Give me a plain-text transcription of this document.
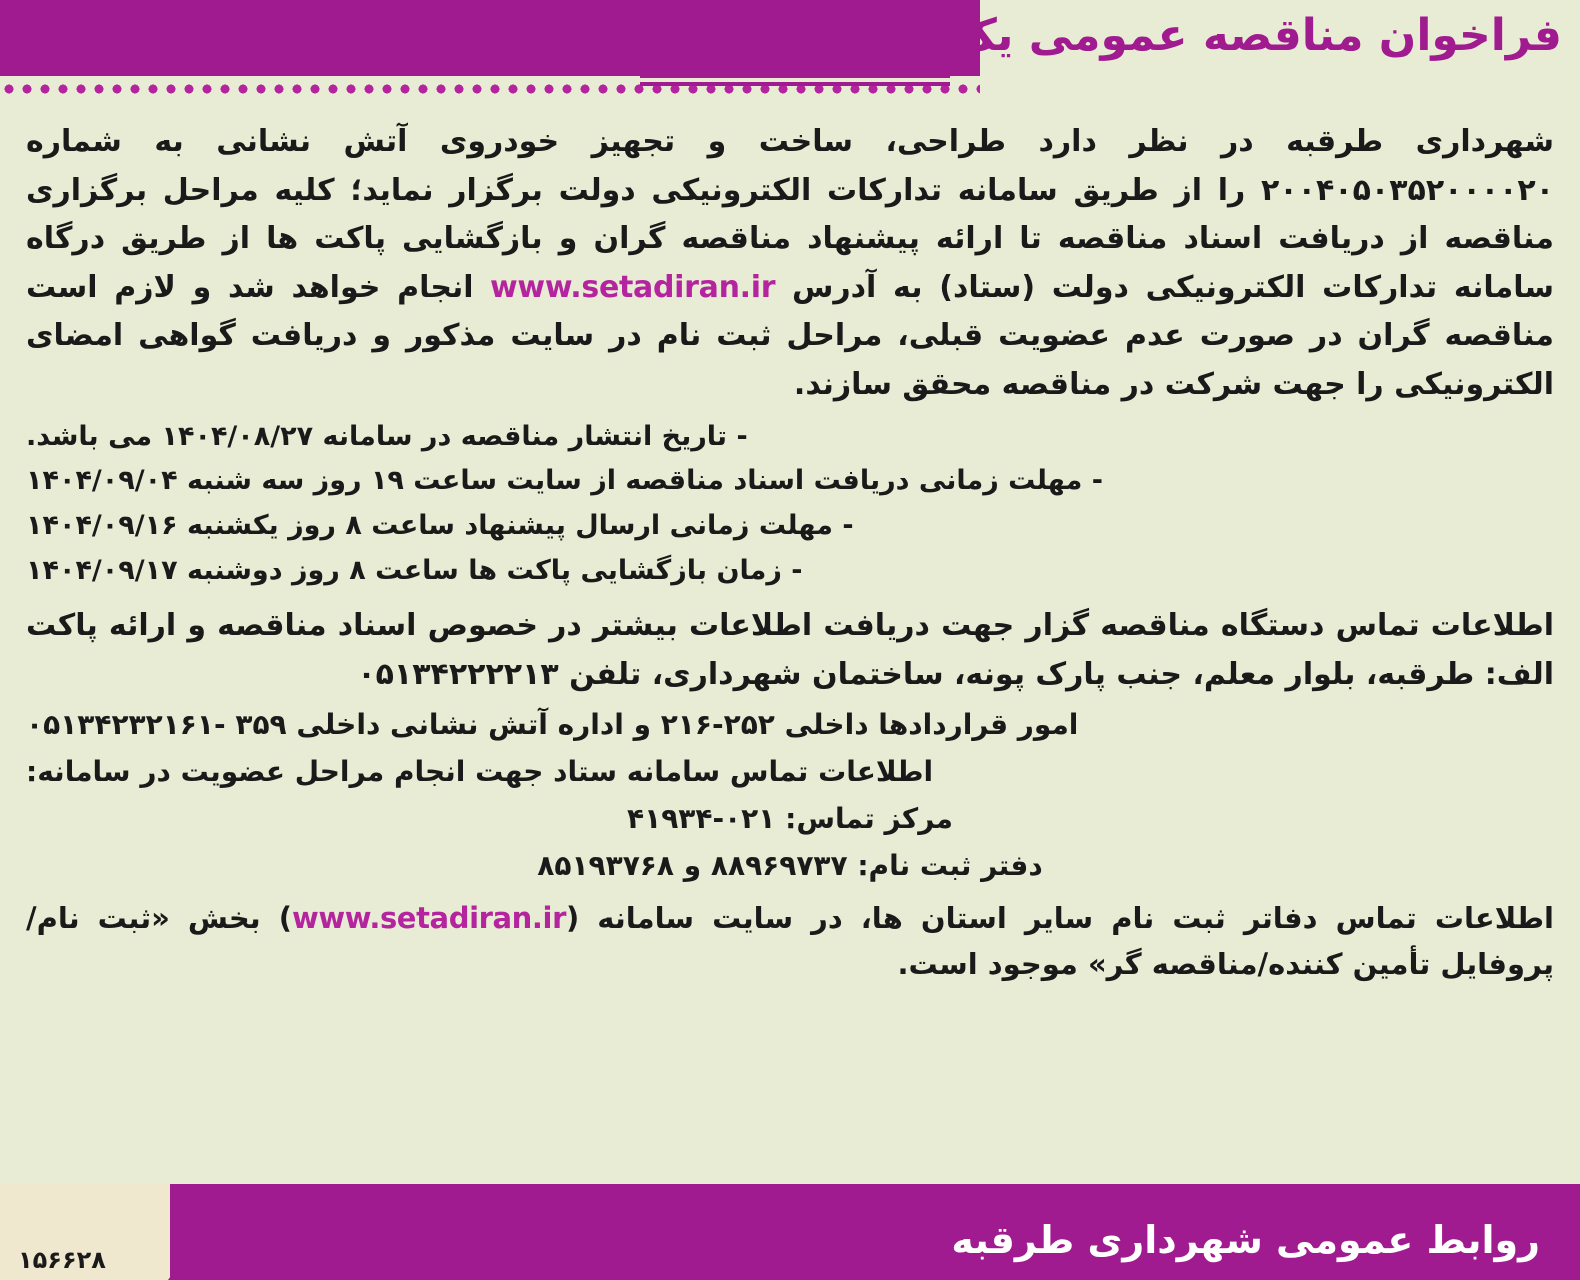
فراخوان مناقصه عمومی یک مرحله ای

شهرداری طرقبه در نظر دارد طراحی، ساخت و تجهیز خودروی آتش نشانی به شماره ۲۰۰۴۰۵۰۳۵۲۰۰۰۰۲۰ را از طریق سامانه تدارکات الکترونیکی دولت برگزار نماید؛ کلیه مراحل برگزاری مناقصه از دریافت اسناد مناقصه تا ارائه پیشنهاد مناقصه گران و بازگشایی پاکت ها از طریق درگاه سامانه تدارکات الکترونیکی دولت (ستاد) به آدرس www.setadiran.ir انجام خواهد شد و لازم است مناقصه گران در صورت عدم عضویت قبلی، مراحل ثبت نام در سایت مذکور و دریافت گواهی امضای الکترونیکی را جهت شرکت در مناقصه محقق سازند.

- تاریخ انتشار مناقصه در سامانه ۱۴۰۴/۰۸/۲۷ می باشد.

- مهلت زمانی دریافت اسناد مناقصه از سایت ساعت ۱۹ روز سه شنبه ۱۴۰۴/۰۹/۰۴

- مهلت زمانی ارسال پیشنهاد ساعت ۸ روز یکشنبه ۱۴۰۴/۰۹/۱۶

- زمان بازگشایی پاکت ها ساعت ۸ روز دوشنبه ۱۴۰۴/۰۹/۱۷

اطلاعات تماس دستگاه مناقصه گزار جهت دریافت اطلاعات بیشتر در خصوص اسناد مناقصه و ارائه پاکت الف: طرقبه، بلوار معلم، جنب پارک پونه، ساختمان شهرداری، تلفن ۰۵۱۳۴۲۲۲۲۱۳

امور قراردادها داخلی ۲۵۲-۲۱۶ و اداره آتش نشانی داخلی ۳۵۹ -۰۵۱۳۴۲۳۲۱۶۱

اطلاعات تماس سامانه ستاد جهت انجام مراحل عضویت در سامانه:

مرکز تماس: ۰۲۱-۴۱۹۳۴

دفتر ثبت نام: ۸۸۹۶۹۷۳۷ و ۸۵۱۹۳۷۶۸

اطلاعات تماس دفاتر ثبت نام سایر استان ها، در سایت سامانه (www.setadiran.ir) بخش «ثبت نام/پروفایل تأمین کننده/مناقصه گر» موجود است.

روابط عمومی شهرداری طرقبه
۱۵۶۶۲۸
